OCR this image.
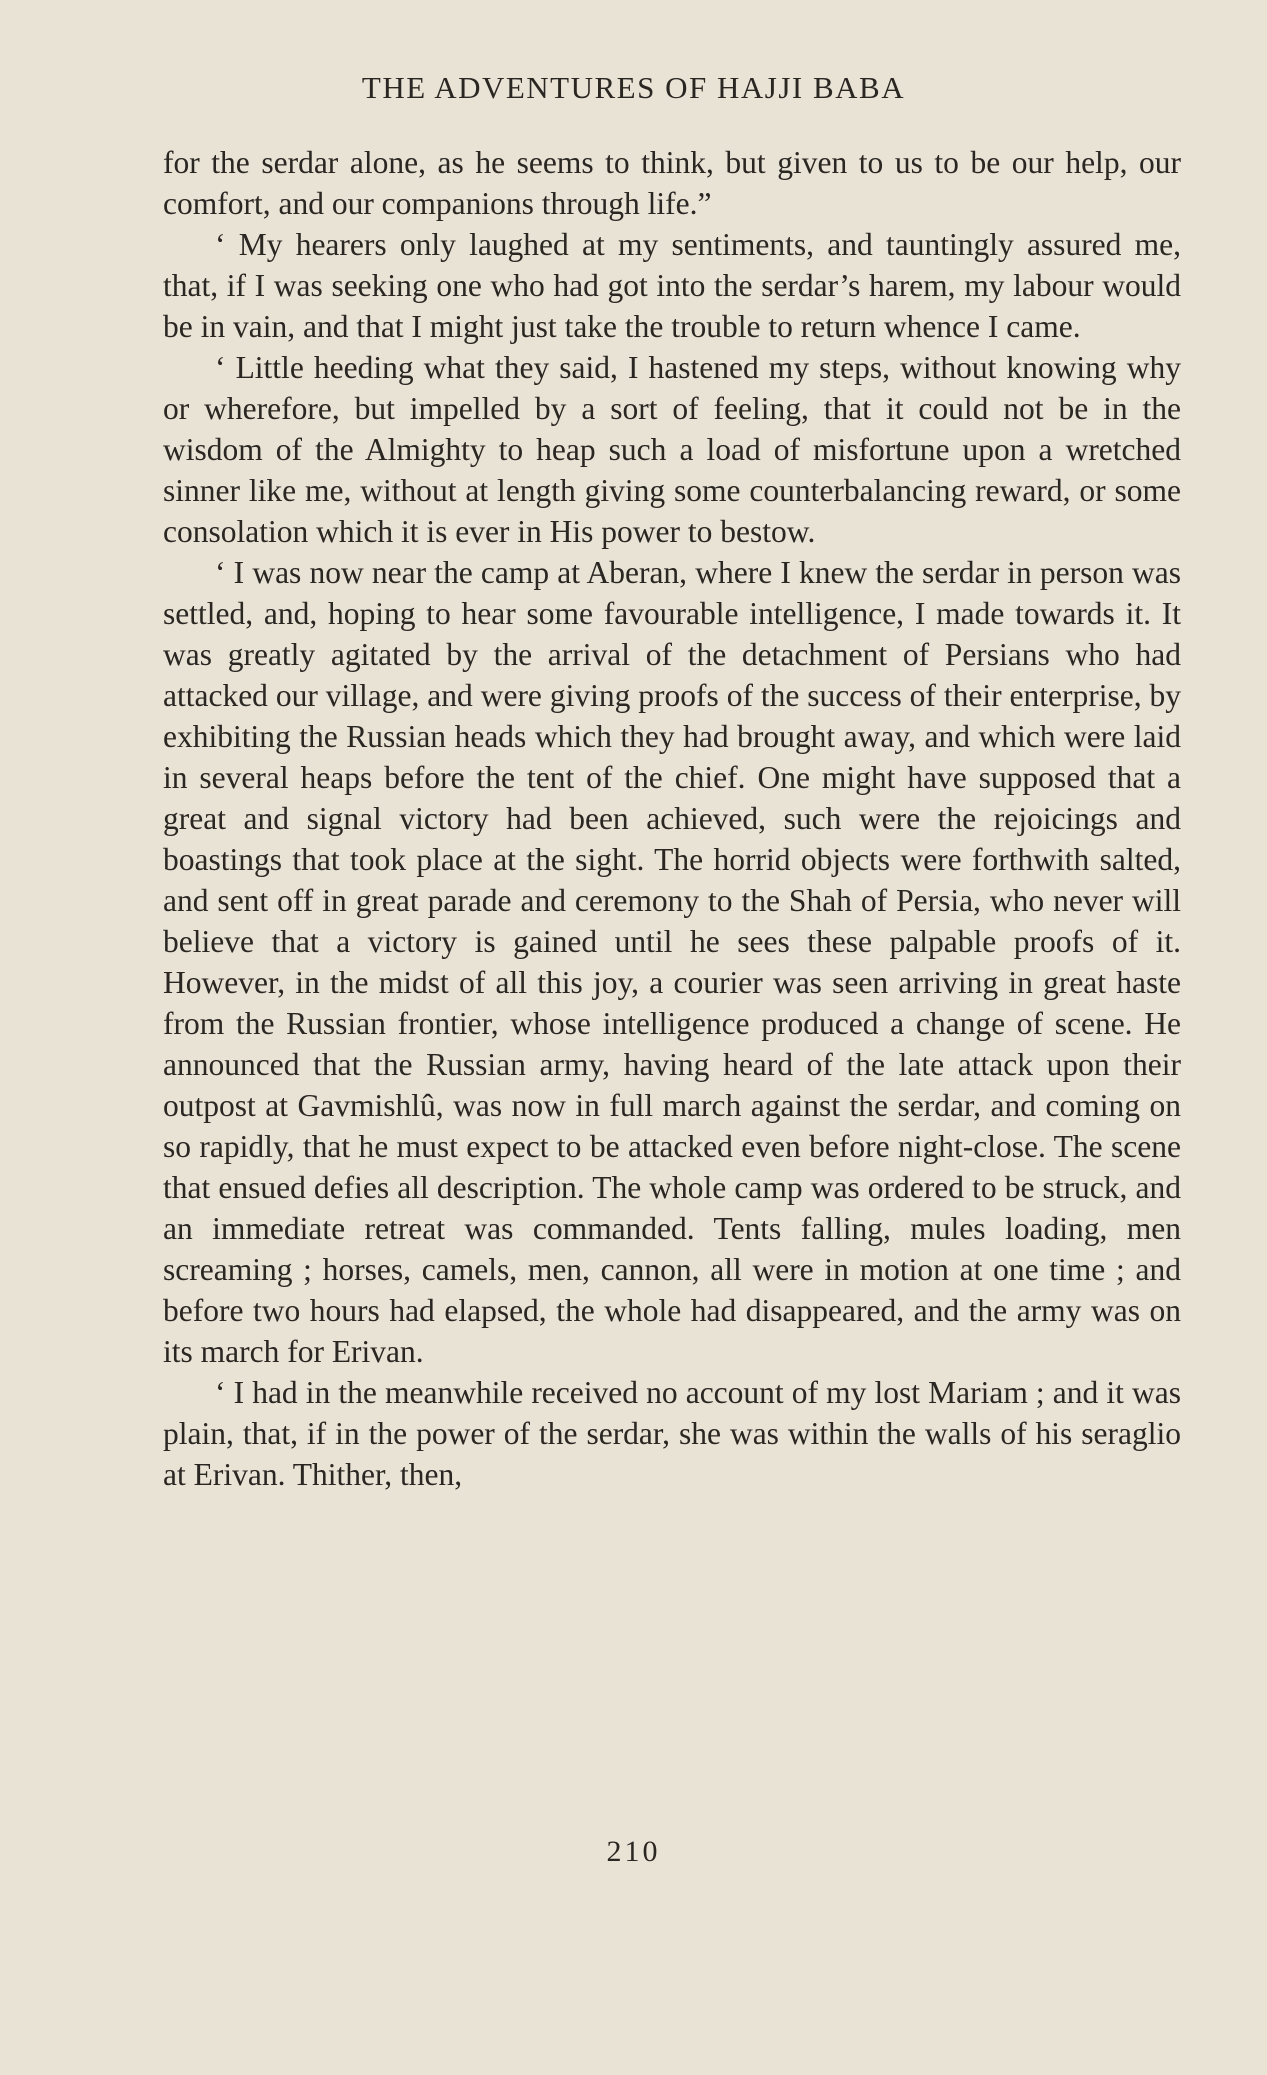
THE ADVENTURES OF HAJJI BABA

for the serdar alone, as he seems to think, but given to us to be our help, our comfort, and our companions through life.”

‘ My hearers only laughed at my sentiments, and tauntingly assured me, that, if I was seeking one who had got into the serdar’s harem, my labour would be in vain, and that I might just take the trouble to return whence I came.

‘ Little heeding what they said, I hastened my steps, without knowing why or wherefore, but impelled by a sort of feeling, that it could not be in the wisdom of the Almighty to heap such a load of misfortune upon a wretched sinner like me, without at length giving some counterbalancing reward, or some consolation which it is ever in His power to bestow.

‘ I was now near the camp at Aberan, where I knew the serdar in person was settled, and, hoping to hear some favourable intelligence, I made towards it. It was greatly agitated by the arrival of the detachment of Persians who had attacked our village, and were giving proofs of the success of their enterprise, by exhibiting the Russian heads which they had brought away, and which were laid in several heaps before the tent of the chief. One might have supposed that a great and signal victory had been achieved, such were the rejoicings and boastings that took place at the sight. The horrid objects were forthwith salted, and sent off in great parade and ceremony to the Shah of Persia, who never will believe that a victory is gained until he sees these palpable proofs of it. However, in the midst of all this joy, a courier was seen arriving in great haste from the Russian frontier, whose intelligence produced a change of scene. He announced that the Russian army, having heard of the late attack upon their outpost at Gavmishlû, was now in full march against the serdar, and coming on so rapidly, that he must expect to be attacked even before night-close. The scene that ensued defies all description. The whole camp was ordered to be struck, and an immediate retreat was commanded. Tents falling, mules loading, men screaming ; horses, camels, men, cannon, all were in motion at one time ; and before two hours had elapsed, the whole had disappeared, and the army was on its march for Erivan.

‘ I had in the meanwhile received no account of my lost Mariam ; and it was plain, that, if in the power of the serdar, she was within the walls of his seraglio at Erivan. Thither, then,

210
